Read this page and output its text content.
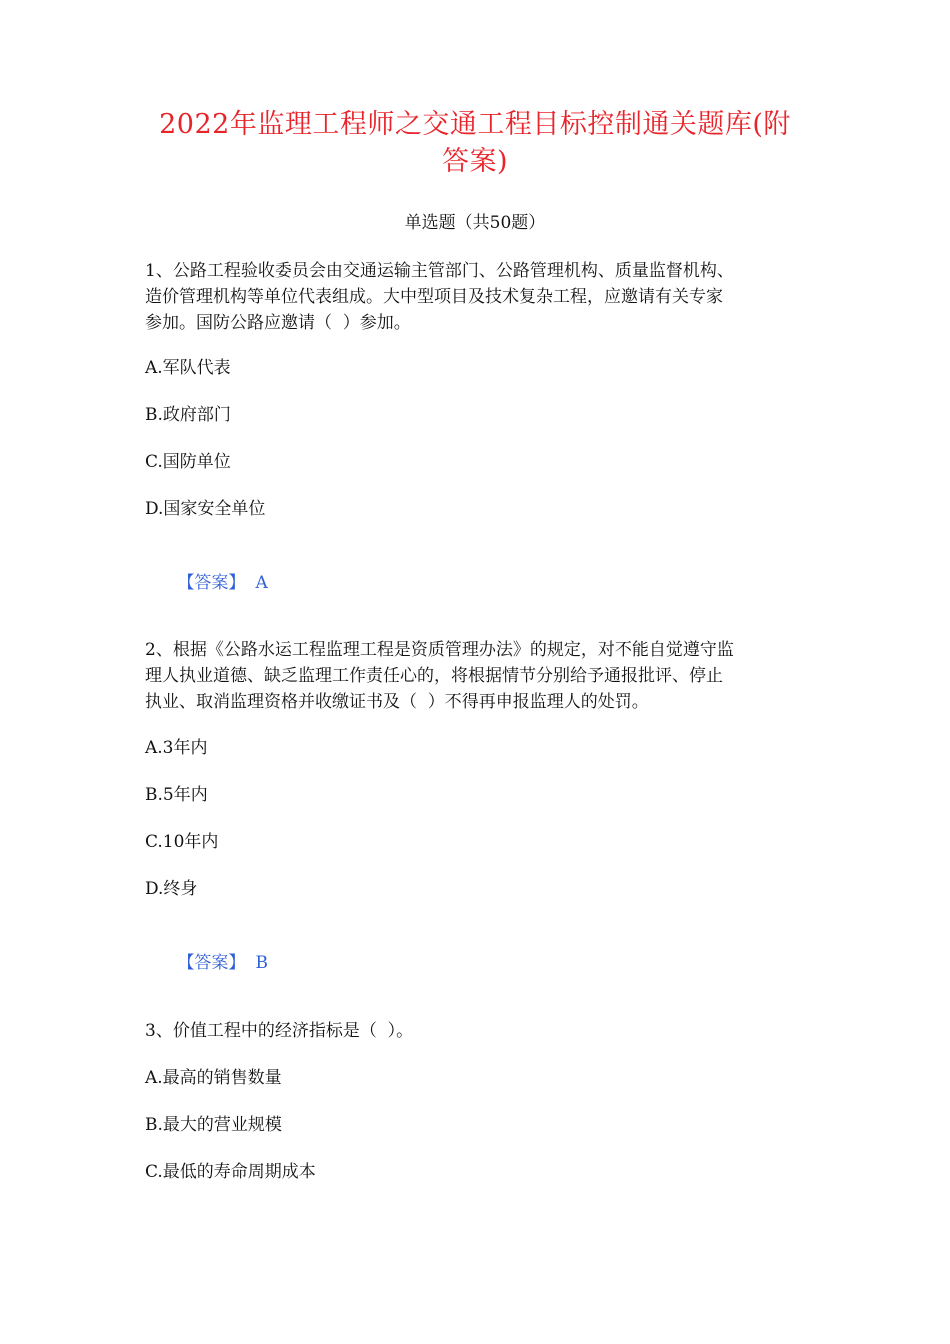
2022年监理工程师之交通工程目标控制通关题库(附
答案)
单选题（共50题）

1、公路工程验收委员会由交通运输主管部门、公路管理机构、质量监督机构、

造价管理机构等单位代表组成。大中型项目及技术复杂工程，应邀请有关专家

参加。国防公路应邀请（  ）参加。

A.军队代表

B.政府部门

C.国防单位

D.国家安全单位

【答案】 A

2、根据《公路水运工程监理工程是资质管理办法》的规定，对不能自觉遵守监

理人执业道德、缺乏监理工作责任心的，将根据情节分别给予通报批评、停止

执业、取消监理资格并收缴证书及（  ）不得再申报监理人的处罚。

A.3年内

B.5年内

C.10年内

D.终身

【答案】 B

3、价值工程中的经济指标是（  ）。

A.最高的销售数量

B.最大的营业规模

C.最低的寿命周期成本
